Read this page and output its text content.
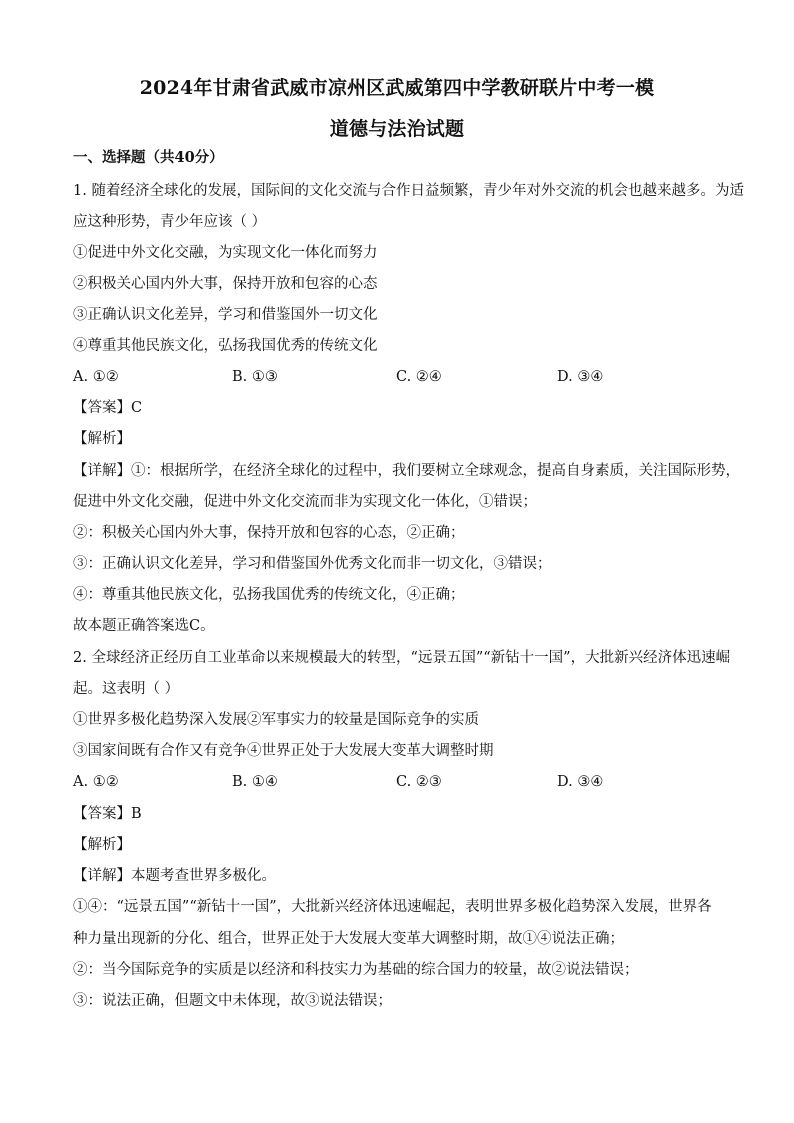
2024年甘肃省武威市凉州区武威第四中学教研联片中考一模
道德与法治试题
一、选择题（共40分）
1. 随着经济全球化的发展，国际间的文化交流与合作日益频繁，青少年对外交流的机会也越来越多。为适
应这种形势，青少年应该（ ）
①促进中外文化交融，为实现文化一体化而努力
②积极关心国内外大事，保持开放和包容的心态
③正确认识文化差异，学习和借鉴国外一切文化
④尊重其他民族文化，弘扬我国优秀的传统文化
A. ①②	B. ①③	C. ②④	D. ③④
【答案】C
【解析】
【详解】①：根据所学，在经济全球化的过程中，我们要树立全球观念，提高自身素质，关注国际形势，
促进中外文化交融，促进中外文化交流而非为实现文化一体化，①错误；
②：积极关心国内外大事，保持开放和包容的心态，②正确；
③：正确认识文化差异，学习和借鉴国外优秀文化而非一切文化，③错误；
④：尊重其他民族文化，弘扬我国优秀的传统文化，④正确；
故本题正确答案选C。
2. 全球经济正经历自工业革命以来规模最大的转型，“远景五国”“新钻十一国”，大批新兴经济体迅速崛
起。这表明（ ）
①世界多极化趋势深入发展②军事实力的较量是国际竞争的实质
③国家间既有合作又有竞争④世界正处于大发展大变革大调整时期
A. ①②	B. ①④	C. ②③	D. ③④
【答案】B
【解析】
【详解】本题考查世界多极化。
①④：“远景五国”“新钻十一国”，大批新兴经济体迅速崛起，表明世界多极化趋势深入发展，世界各
种力量出现新的分化、组合，世界正处于大发展大变革大调整时期，故①④说法正确；
②：当今国际竞争的实质是以经济和科技实力为基础的综合国力的较量，故②说法错误；
③：说法正确，但题文中未体现，故③说法错误；
